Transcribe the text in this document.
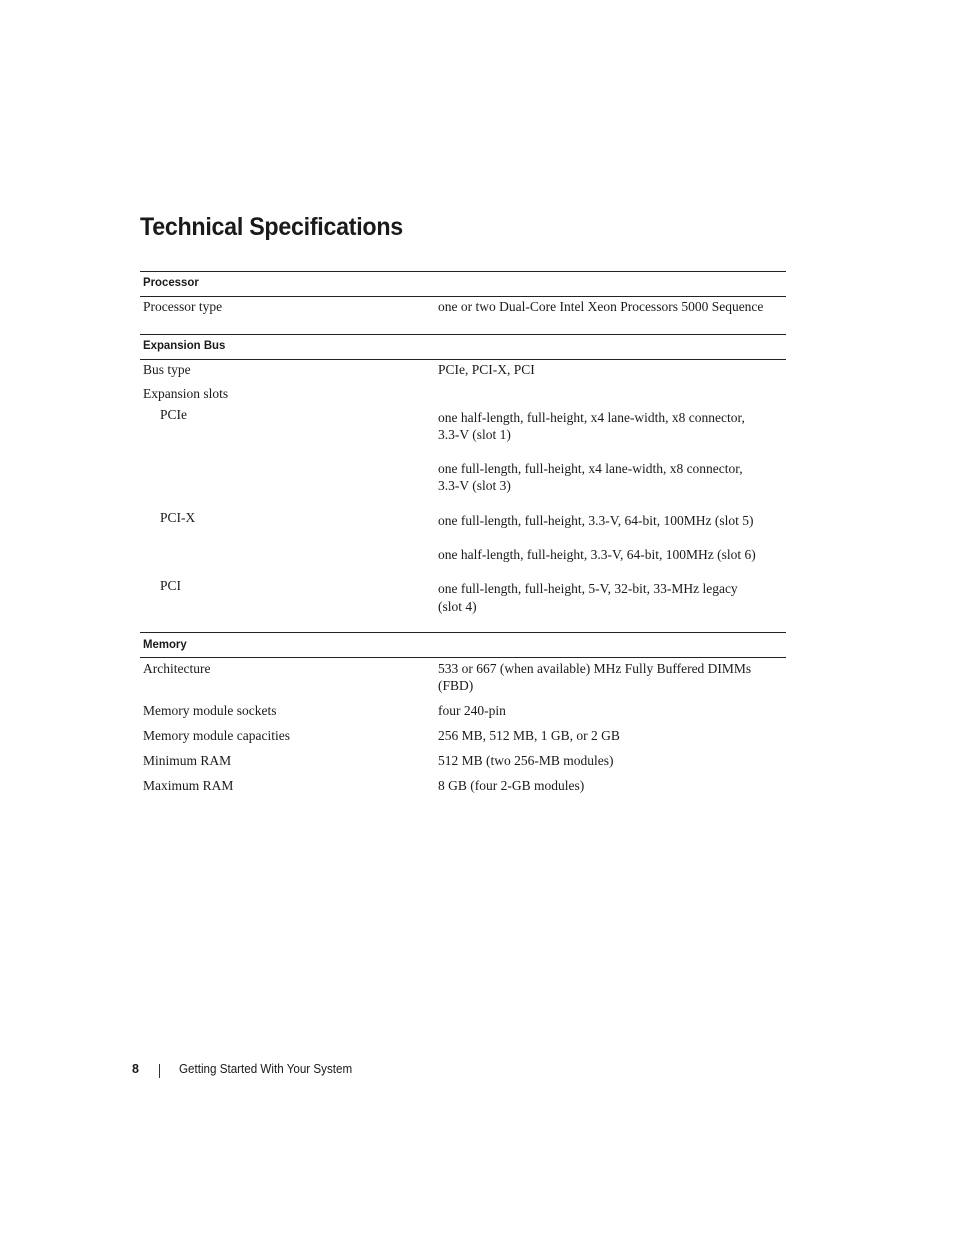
Technical Specifications
Processor
Processor type	one or two Dual-Core Intel Xeon Processors 5000 Sequence
Expansion Bus
Bus type	PCIe, PCI-X, PCI
Expansion slots
PCIe	one half-length, full-height, x4 lane-width, x8 connector,
3.3-V (slot 1)
one full-length, full-height, x4 lane-width, x8 connector,
3.3-V (slot 3)
PCI-X	one full-length, full-height, 3.3-V, 64-bit, 100MHz (slot 5)
one half-length, full-height, 3.3-V, 64-bit, 100MHz (slot 6)
PCI	one full-length, full-height, 5-V, 32-bit, 33-MHz legacy
(slot 4)
Memory
Architecture	533 or 667 (when available) MHz Fully Buffered DIMMs
(FBD)
Memory module sockets	four 240-pin
Memory module capacities	256 MB, 512 MB, 1 GB, or 2 GB
Minimum RAM	512 MB (two 256-MB modules)
Maximum RAM	8 GB (four 2-GB modules)
8	Getting Started With Your System
